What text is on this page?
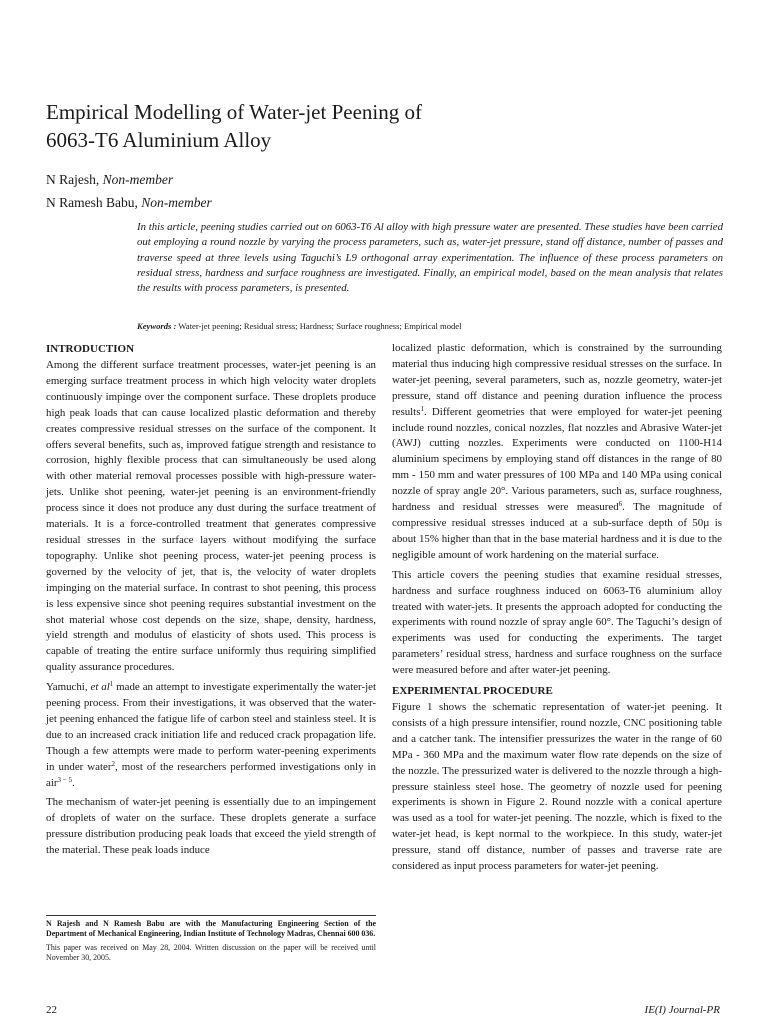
Empirical Modelling of Water-jet Peening of
6063-T6 Aluminium Alloy
N Rajesh, Non-member
N Ramesh Babu, Non-member

In this article, peening studies carried out on 6063-T6 Al alloy with high pressure water are presented. These studies have been carried out employing a round nozzle by varying the process parameters, such as, water-jet pressure, stand off distance, number of passes and traverse speed at three levels using Taguchi’s L9 orthogonal array experimentation. The influence of these process parameters on residual stress, hardness and surface roughness are investigated. Finally, an empirical model, based on the mean analysis that relates the results with process parameters, is presented.

Keywords : Water-jet peening; Residual stress; Hardness; Surface roughness; Empirical model
INTRODUCTION

Among the different surface treatment processes, water-jet peening is an emerging surface treatment process in which high velocity water droplets continuously impinge over the component surface. These droplets produce high peak loads that can cause localized plastic deformation and thereby creates compressive residual stresses on the surface of the component. It offers several benefits, such as, improved fatigue strength and resistance to corrosion, highly flexible process that can simultaneously be used along with other material removal processes possible with high-pressure water-jets. Unlike shot peening, water-jet peening is an environment-friendly process since it does not produce any dust during the surface treatment of materials. It is a force-controlled treatment that generates compressive residual stresses in the surface layers without modifying the surface topography. Unlike shot peening process, water-jet peening process is governed by the velocity of jet, that is, the velocity of water droplets impinging on the material surface. In contrast to shot peening, this process is less expensive since shot peening requires substantial investment on the shot material whose cost depends on the size, shape, density, hardness, yield strength and modulus of elasticity of shots used. This process is capable of treating the entire surface uniformly thus requiring simplified quality assurance procedures.

Yamuchi, et $al^1$ made an attempt to investigate experimentally the water-jet peening process. From their investigations, it was observed that the water-jet peening enhanced the fatigue life of carbon steel and stainless steel. It is due to an increased crack initiation life and reduced crack propagation life. Though a few attempts were made to perform water-peening experiments in under water$^2$, most of the researchers performed investigations only in air$^{3 - 5}$.

The mechanism of water-jet peening is essentially due to an impingement of droplets of water on the surface. These droplets generate a surface pressure distribution producing peak loads that exceed the yield strength of the material. These peak loads induce

N Rajesh and N Ramesh Babu are with the Manufacturing Engineering Section of the Department of Mechanical Engineering, Indian Institute of Technology Madras, Chennai 600 036.

This paper was received on May 28, 2004. Written discussion on the paper will be received until November 30, 2005.

localized plastic deformation, which is constrained by the surrounding material thus inducing high compressive residual stresses on the surface. In water-jet peening, several parameters, such as, nozzle geometry, water-jet pressure, stand off distance and peening duration influence the process results$^1$. Different geometries that were employed for water-jet peening include round nozzles, conical nozzles, flat nozzles and Abrasive Water-jet (AWJ) cutting nozzles. Experiments were conducted on 1100-H14 aluminium specimens by employing stand off distances in the range of 80 mm - 150 mm and water pressures of 100 MPa and 140 MPa using conical nozzle of spray angle 20°. Various parameters, such as, surface roughness, hardness and residual stresses were measured$^6$. The magnitude of compressive residual stresses induced at a sub-surface depth of 50µ is about 15% higher than that in the base material hardness and it is due to the negligible amount of work hardening on the material surface.

This article covers the peening studies that examine residual stresses, hardness and surface roughness induced on 6063-T6 aluminium alloy treated with water-jets. It presents the approach adopted for conducting the experiments with round nozzle of spray angle 60°. The Taguchi’s design of experiments was used for conducting the experiments. The target parameters’ residual stress, hardness and surface roughness on the surface were measured before and after water-jet peening.

EXPERIMENTAL PROCEDURE

Figure 1 shows the schematic representation of water-jet peening. It consists of a high pressure intensifier, round nozzle, CNC positioning table and a catcher tank. The intensifier pressurizes the water in the range of 60 MPa - 360 MPa and the maximum water flow rate depends on the size of the nozzle. The pressurized water is delivered to the nozzle through a high-pressure stainless steel hose. The geometry of nozzle used for peening experiments is shown in Figure 2. Round nozzle with a conical aperture was used as a tool for water-jet peening. The nozzle, which is fixed to the water-jet head, is kept normal to the workpiece. In this study, water-jet pressure, stand off distance, number of passes and traverse rate are considered as input process parameters for water-jet peening.

22	IE(I) Journal-PR
